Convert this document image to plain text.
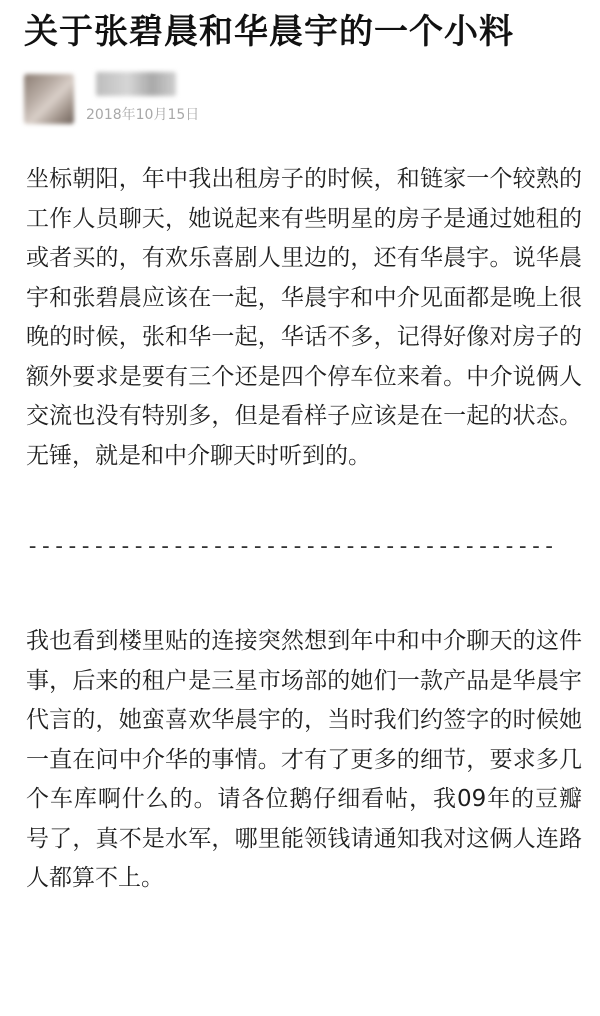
关于张碧晨和华晨宇的一个小料
2018年10月15日

坐标朝阳，年中我出租房子的时候，和链家一个较熟的工作人员聊天，她说起来有些明星的房子是通过她租的或者买的，有欢乐喜剧人里边的，还有华晨宇。说华晨宇和张碧晨应该在一起，华晨宇和中介见面都是晚上很晚的时候，张和华一起，华话不多，记得好像对房子的额外要求是要有三个还是四个停车位来着。中介说俩人交流也没有特别多，但是看样子应该是在一起的状态。无锤，就是和中介聊天时听到的。

----------------------------------------

我也看到楼里贴的连接突然想到年中和中介聊天的这件事，后来的租户是三星市场部的她们一款产品是华晨宇代言的，她蛮喜欢华晨宇的，当时我们约签字的时候她一直在问中介华的事情。才有了更多的细节，要求多几个车库啊什么的。请各位鹅仔细看帖，我09年的豆瓣号了，真不是水军，哪里能领钱请通知我对这俩人连路人都算不上。
